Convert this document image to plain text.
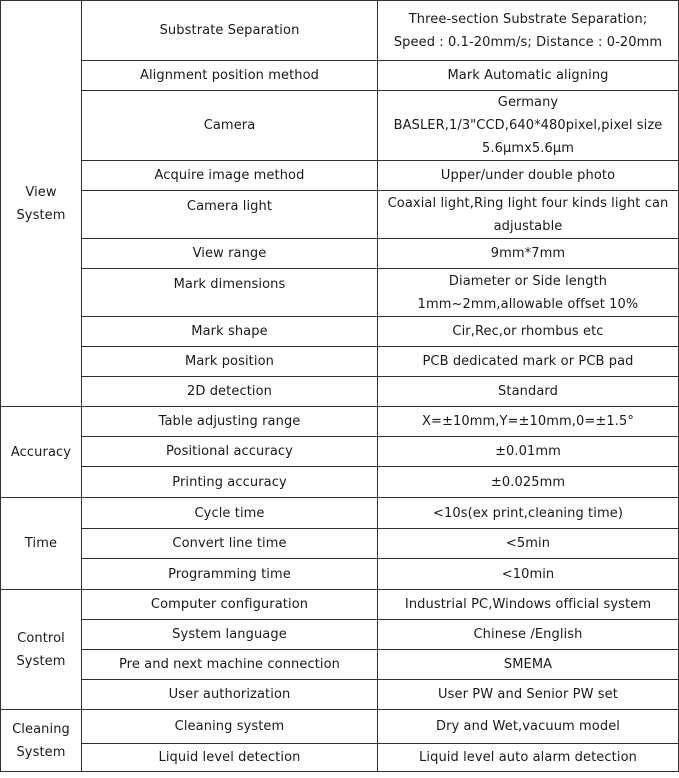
View System	Substrate Separation	Three-section Substrate Separation;
Speed : 0.1-20mm/s; Distance : 0-20mm

	Alignment position method	Mark Automatic aligning

	Camera	Germany
BASLER,1/3"CCD,640*480pixel,pixel size
5.6μmx5.6μm

	Acquire image method	Upper/under double photo

	Camera light	Coaxial light,Ring light four kinds light can
adjustable

	View range	9mm*7mm

	Mark dimensions	Diameter or Side length
1mm~2mm,allowable offset 10%

	Mark shape	Cir,Rec,or rhombus etc

	Mark position	PCB dedicated mark or PCB pad

	2D detection	Standard

Accuracy	Table adjusting range	X=±10mm,Y=±10mm,0=±1.5°

	Positional accuracy	±0.01mm

	Printing accuracy	±0.025mm

Time	Cycle time	<10s(ex print,cleaning time)

	Convert line time	<5min

	Programming time	<10min

Control System	Computer configuration	Industrial PC,Windows official system

	System language	Chinese /English

	Pre and next machine connection	SMEMA

	User authorization	User PW and Senior PW set

Cleaning System	Cleaning system	Dry and Wet,vacuum model

	Liquid level detection	Liquid level auto alarm detection
